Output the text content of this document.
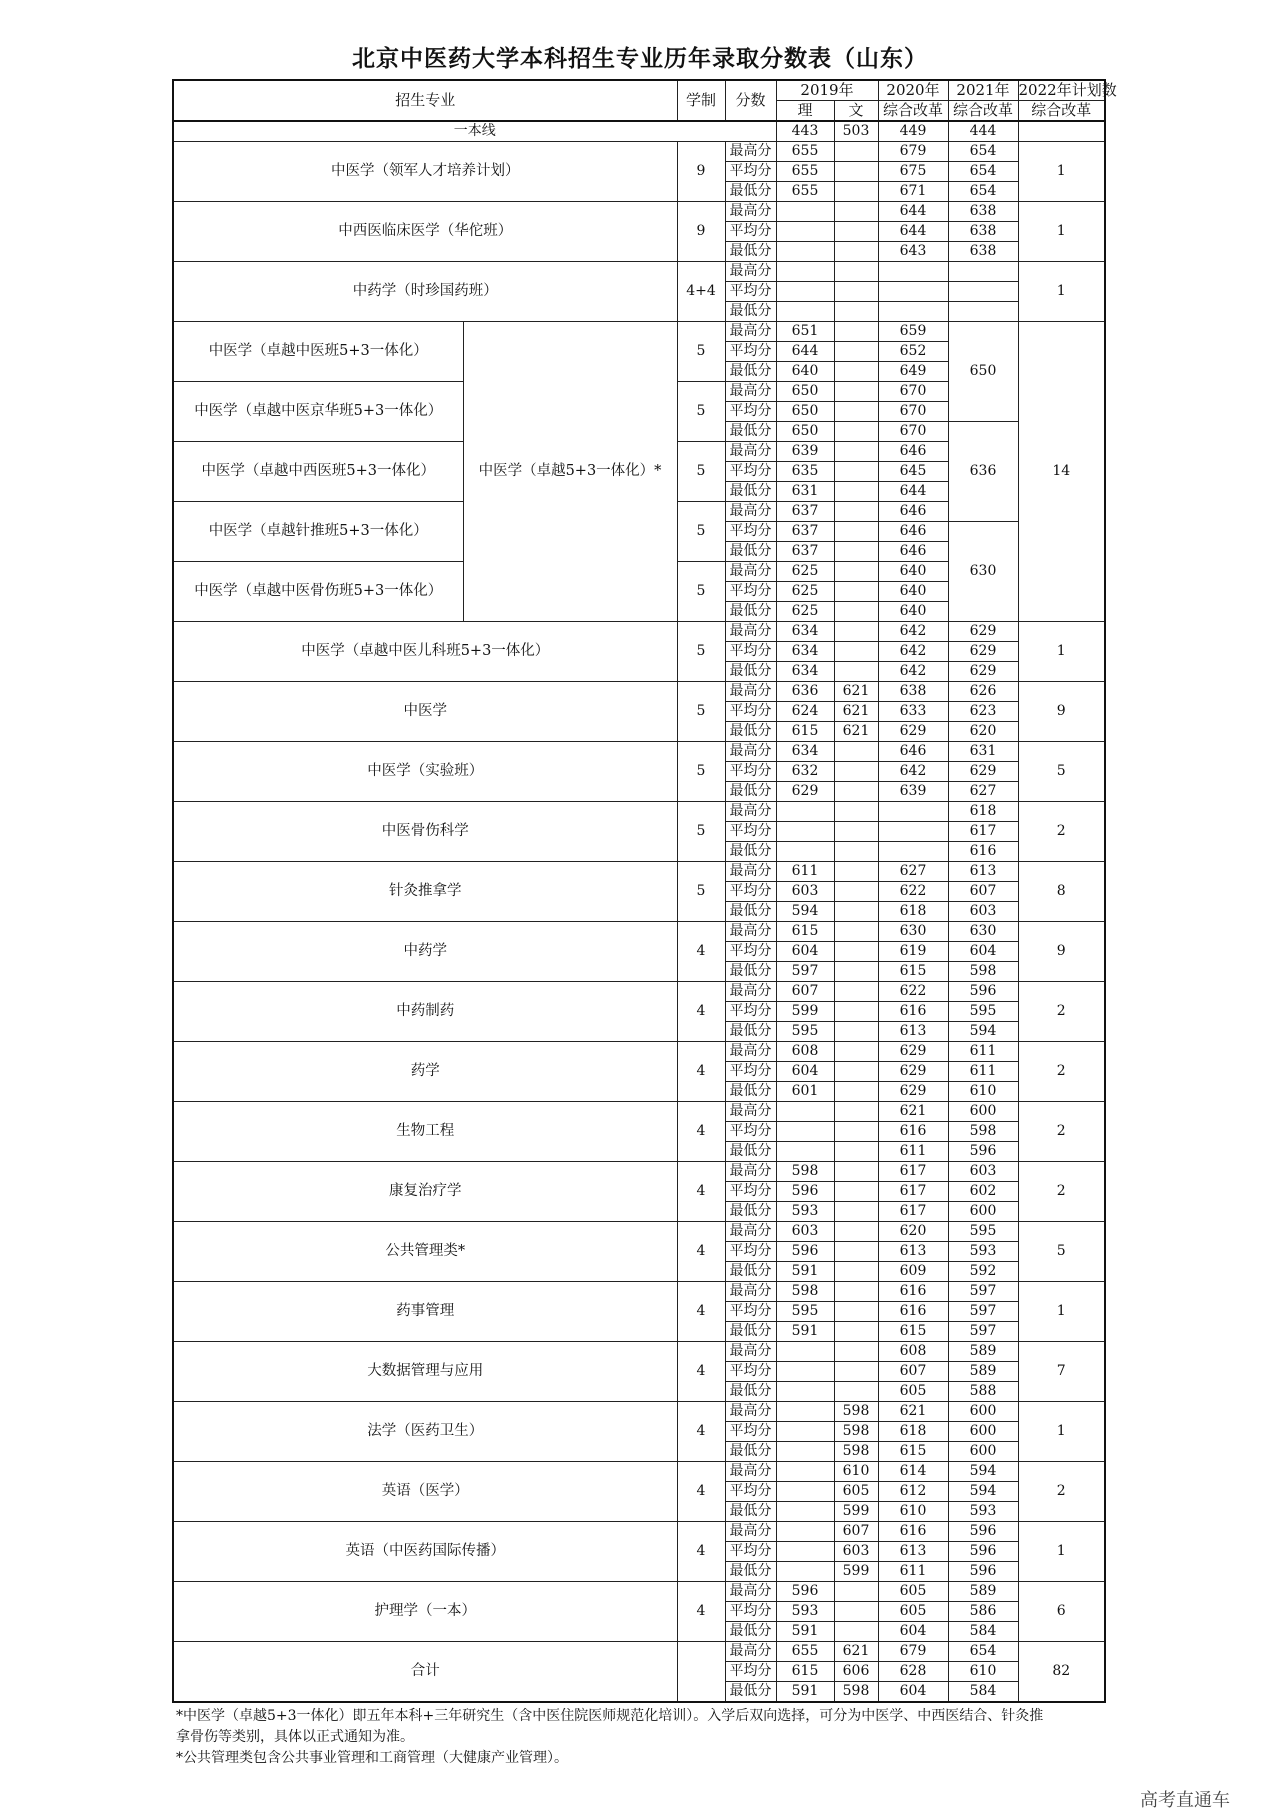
北京中医药大学本科招生专业历年录取分数表（山东）
招生专业		学制	分数	2019年		2020年	2021年	2022年计划数
				理	文	综合改革	综合改革	综合改革
一本线				443	503	449	444	
中医学（领军人才培养计划）		9	最高分	655		679	654	1
			平均分	655		675	654	
			最低分	655		671	654	
中西医临床医学（华佗班）		9	最高分			644	638	1
			平均分			644	638	
			最低分			643	638	
中药学（时珍国药班）		4+4	最高分					1
			平均分					
			最低分					
中医学（卓越中医班5+3一体化）	中医学（卓越5+3一体化）*	5	最高分	651		659	650	14
			平均分	644		652		
			最低分	640		649		
中医学（卓越中医京华班5+3一体化）		5	最高分	650		670		
			平均分	650		670		
			最低分	650		670	636	
中医学（卓越中西医班5+3一体化）		5	最高分	639		646		
			平均分	635		645		
			最低分	631		644		
中医学（卓越针推班5+3一体化）		5	最高分	637		646		
			平均分	637		646	630	
			最低分	637		646		
中医学（卓越中医骨伤班5+3一体化）		5	最高分	625		640		
			平均分	625		640		
			最低分	625		640		
中医学（卓越中医儿科班5+3一体化）		5	最高分	634		642	629	1
			平均分	634		642	629	
			最低分	634		642	629	
中医学		5	最高分	636	621	638	626	9
			平均分	624	621	633	623	
			最低分	615	621	629	620	
中医学（实验班）		5	最高分	634		646	631	5
			平均分	632		642	629	
			最低分	629		639	627	
中医骨伤科学		5	最高分				618	2
			平均分				617	
			最低分				616	
针灸推拿学		5	最高分	611		627	613	8
			平均分	603		622	607	
			最低分	594		618	603	
中药学		4	最高分	615		630	630	9
			平均分	604		619	604	
			最低分	597		615	598	
中药制药		4	最高分	607		622	596	2
			平均分	599		616	595	
			最低分	595		613	594	
药学		4	最高分	608		629	611	2
			平均分	604		629	611	
			最低分	601		629	610	
生物工程		4	最高分			621	600	2
			平均分			616	598	
			最低分			611	596	
康复治疗学		4	最高分	598		617	603	2
			平均分	596		617	602	
			最低分	593		617	600	
公共管理类*		4	最高分	603		620	595	5
			平均分	596		613	593	
			最低分	591		609	592	
药事管理		4	最高分	598		616	597	1
			平均分	595		616	597	
			最低分	591		615	597	
大数据管理与应用		4	最高分			608	589	7
			平均分			607	589	
			最低分			605	588	
法学（医药卫生）		4	最高分		598	621	600	1
			平均分		598	618	600	
			最低分		598	615	600	
英语（医学）		4	最高分		610	614	594	2
			平均分		605	612	594	
			最低分		599	610	593	
英语（中医药国际传播）		4	最高分		607	616	596	1
			平均分		603	613	596	
			最低分		599	611	596	
护理学（一本）		4	最高分	596		605	589	6
			平均分	593		605	586	
			最低分	591		604	584	
合计			最高分	655	621	679	654	82
			平均分	615	606	628	610	
			最低分	591	598	604	584	

*中医学（卓越5+3一体化）即五年本科+三年研究生（含中医住院医师规范化培训）。入学后双向选择，可分为中医学、中西医结合、针灸推拿骨伤等类别，具体以正式通知为准。

*公共管理类包含公共事业管理和工商管理（大健康产业管理）。

高考直通车
